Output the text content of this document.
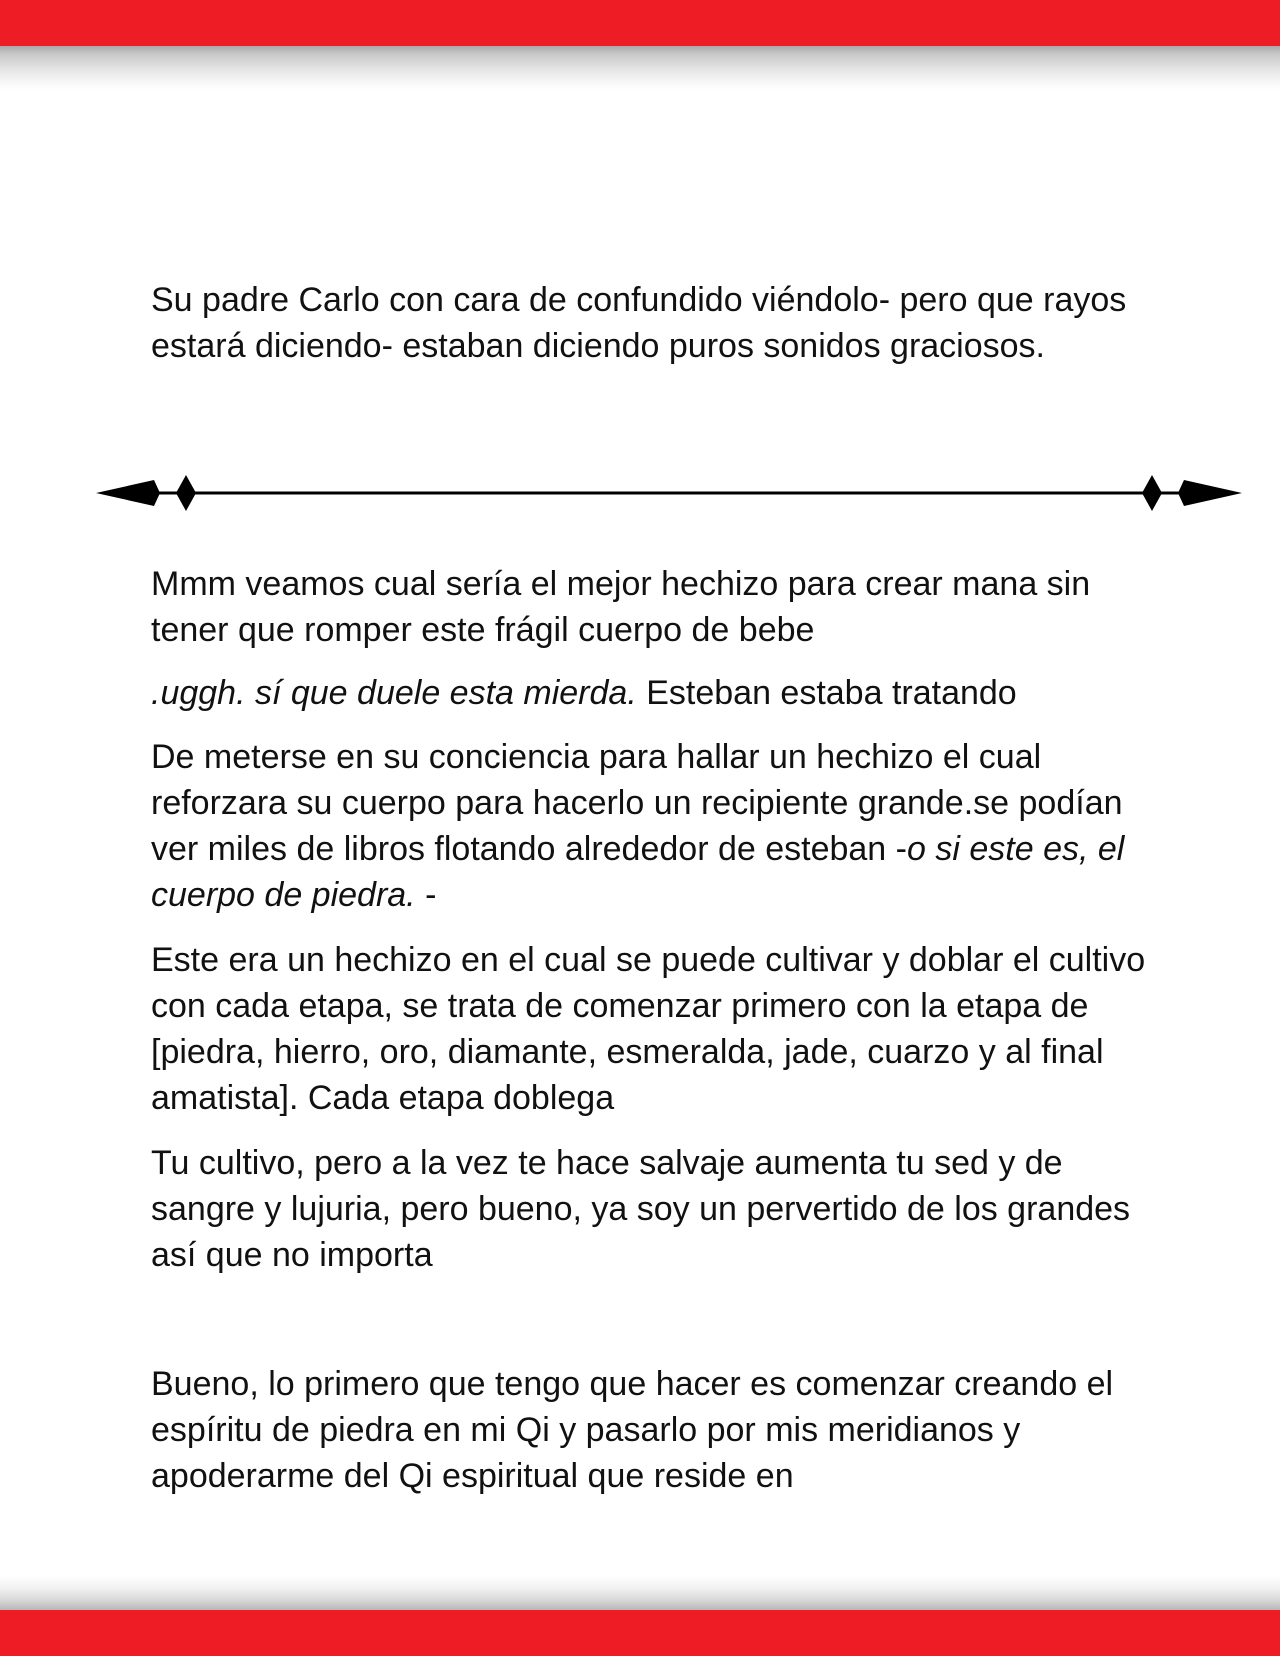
Su padre Carlo con cara de confundido viéndolo- pero que rayos estará diciendo- estaban diciendo puros sonidos graciosos.

Mmm veamos cual sería el mejor hechizo para crear mana sin tener que romper este frágil cuerpo de bebe

.uggh. sí que duele esta mierda. Esteban estaba tratando

De meterse en su conciencia para hallar un hechizo el cual reforzara su cuerpo para hacerlo un recipiente grande.se podían ver miles de libros flotando alrededor de esteban -o si este es, el cuerpo de piedra. -

Este era un hechizo en el cual se puede cultivar y doblar el cultivo con cada etapa, se trata de comenzar primero con la etapa de [piedra, hierro, oro, diamante, esmeralda, jade, cuarzo y al final amatista]. Cada etapa doblega

Tu cultivo, pero a la vez te hace salvaje aumenta tu sed y de sangre y lujuria, pero bueno, ya soy un pervertido de los grandes así que no importa

Bueno, lo primero que tengo que hacer es comenzar creando el espíritu de piedra en mi Qi y pasarlo por mis meridianos y apoderarme del Qi espiritual que reside en
